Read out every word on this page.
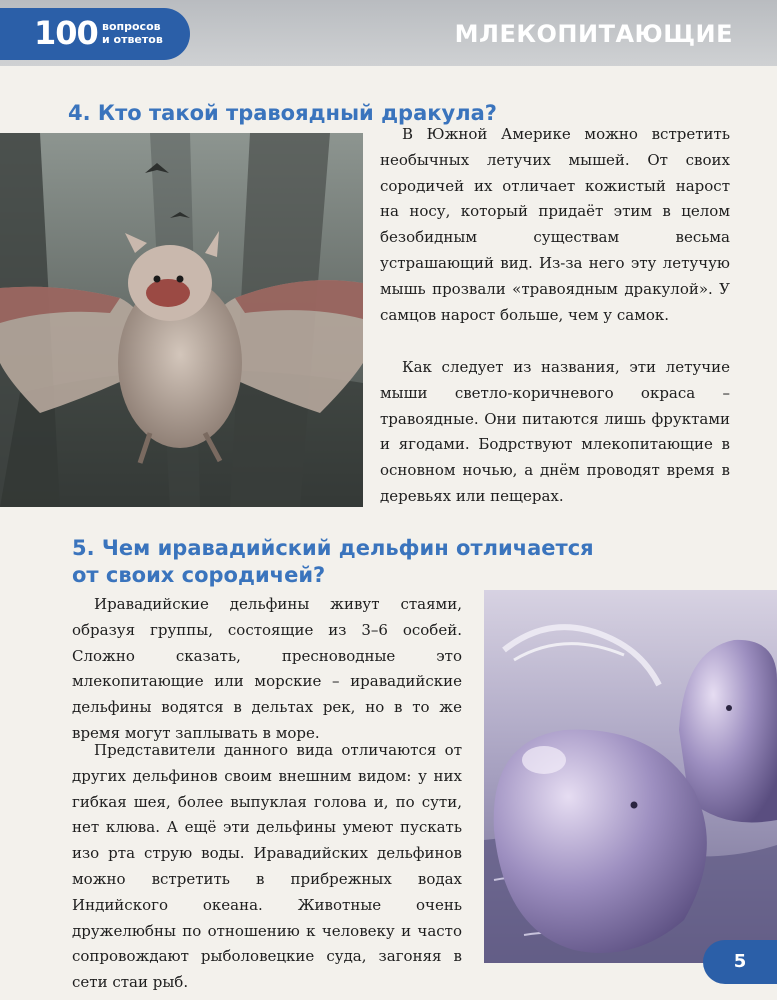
100 вопросов
и ответов	МЛЕКОПИТАЮЩИЕ
4. Кто такой травоядный дракула?

В Южной Америке можно встретить необычных летучих мышей. От своих сородичей их отличает кожистый нарост на носу, который придаёт этим в целом безобидным существам весьма устрашающий вид. Из-за него эту летучую мышь прозвали «травоядным дракулой». У самцов нарост больше, чем у самок.

Как следует из названия, эти летучие мыши светло-коричневого окраса – травоядные. Они питаются лишь фруктами и ягодами. Бодрствуют млекопитающие в основном ночью, а днём проводят время в деревьях или пещерах.

5. Чем иравадийский дельфин отличается
от своих сородичей?

Иравадийские дельфины живут стаями, образуя группы, состоящие из 3–6 особей. Сложно сказать, пресноводные это млекопитающие или морские – иравадийские дельфины водятся в дельтах рек, но в то же время могут заплывать в море.

Представители данного вида отличаются от других дельфинов своим внешним видом: у них гибкая шея, более выпуклая голова и, по сути, нет клюва. А ещё эти дельфины умеют пускать изо рта струю воды. Иравадийских дельфинов можно встретить в прибрежных водах Индийского океана. Животные очень дружелюбны по отношению к человеку и часто сопровождают рыболовецкие суда, загоняя в сети стаи рыб.

5
